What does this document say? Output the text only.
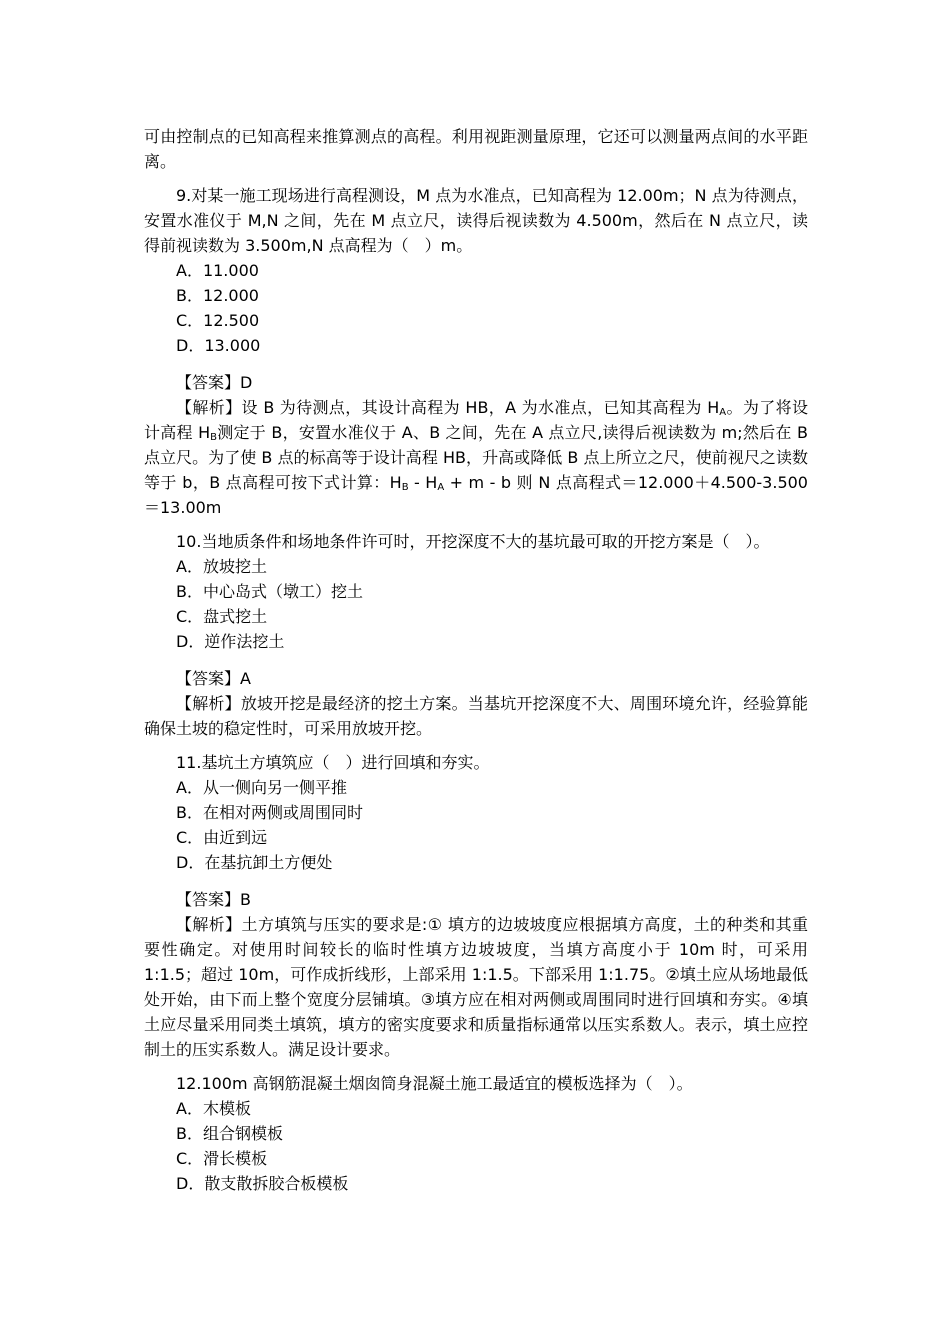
可由控制点的已知高程来推算测点的高程。利用视距测量原理，它还可以测量两点间的水平距离。

9.对某一施工现场进行高程测设，M 点为水准点，已知高程为 12.00m；N 点为待测点，安置水准仪于 M,N 之间，先在 M 点立尺，读得后视读数为 4.500m，然后在 N 点立尺，读得前视读数为 3.500m,N 点高程为（　）m。

A．11.000

B．12.000

C．12.500

D．13.000

【答案】D

【解析】设 B 为待测点，其设计高程为 HB，A 为水准点，已知其高程为 $H_A$。为了将设计高程 $H_B$测定于 B，安置水准仪于 A、B 之间，先在 A 点立尺,读得后视读数为 m;然后在 B 点立尺。为了使 B 点的标高等于设计高程 HB，升高或降低 B 点上所立之尺，使前视尺之读数等于 b，B 点高程可按下式计算：$H_B - H_A + m - b$ 则 N 点高程式＝12.000＋4.500-3.500＝13.00m

10.当地质条件和场地条件许可时，开挖深度不大的基坑最可取的开挖方案是（　）。

A．放坡挖土

B．中心岛式（墩工）挖土

C．盘式挖土

D．逆作法挖土

【答案】A

【解析】放坡开挖是最经济的挖土方案。当基坑开挖深度不大、周围环境允许，经验算能确保土坡的稳定性时，可采用放坡开挖。

11.基坑土方填筑应（　）进行回填和夯实。

A．从一侧向另一侧平推

B．在相对两侧或周围同时

C．由近到远

D．在基抗卸土方便处

【答案】B

【解析】土方填筑与压实的要求是:① 填方的边坡坡度应根据填方高度，土的种类和其重要性确定。对使用时间较长的临时性填方边坡坡度，当填方高度小于 10m 时，可采用 1:1.5；超过 10m，可作成折线形，上部采用 1:1.5。下部采用 1:1.75。②填土应从场地最低处开始，由下而上整个宽度分层铺填。③填方应在相对两侧或周围同时进行回填和夯实。④填土应尽量采用同类土填筑，填方的密实度要求和质量指标通常以压实系数人。表示，填土应控制土的压实系数人。满足设计要求。

12.100m 高钢筋混凝土烟囱筒身混凝土施工最适宜的模板选择为（　）。

A．木模板

B．组合钢模板

C．滑长模板

D．散支散拆胶合板模板
